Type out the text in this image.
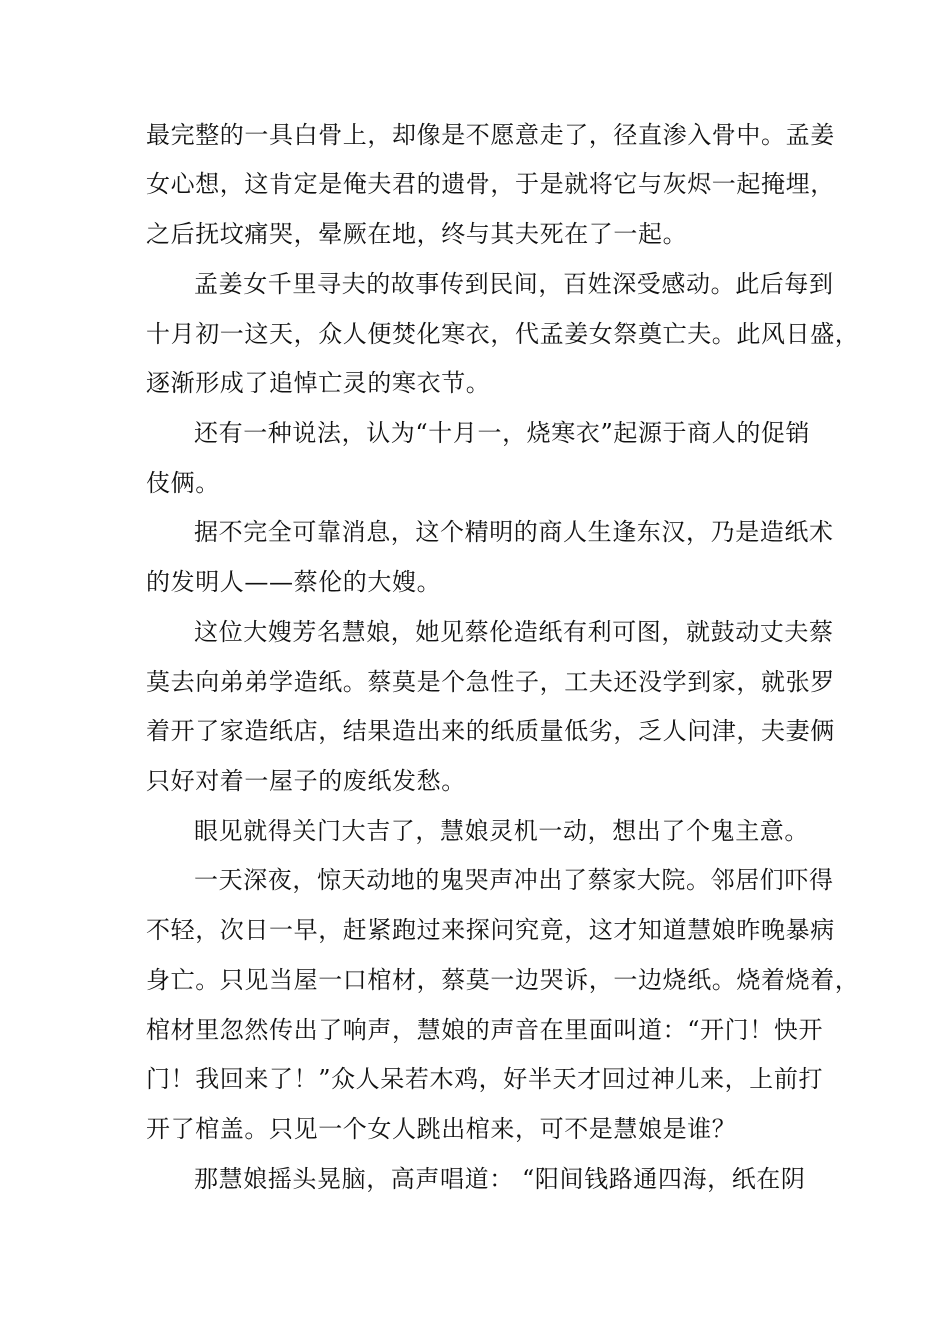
最完整的一具白骨上，却像是不愿意走了，径直渗入骨中。孟姜
女心想，这肯定是俺夫君的遗骨，于是就将它与灰烬一起掩埋，
之后抚坟痛哭，晕厥在地，终与其夫死在了一起。
孟姜女千里寻夫的故事传到民间，百姓深受感动。此后每到
十月初一这天，众人便焚化寒衣，代孟姜女祭奠亡夫。此风日盛，
逐渐形成了追悼亡灵的寒衣节。
还有一种说法，认为“十月一，烧寒衣”起源于商人的促销
伎俩。
据不完全可靠消息，这个精明的商人生逢东汉，乃是造纸术
的发明人——蔡伦的大嫂。
这位大嫂芳名慧娘，她见蔡伦造纸有利可图，就鼓动丈夫蔡
莫去向弟弟学造纸。蔡莫是个急性子，工夫还没学到家，就张罗
着开了家造纸店，结果造出来的纸质量低劣，乏人问津，夫妻俩
只好对着一屋子的废纸发愁。
眼见就得关门大吉了，慧娘灵机一动，想出了个鬼主意。
一天深夜，惊天动地的鬼哭声冲出了蔡家大院。邻居们吓得
不轻，次日一早，赶紧跑过来探问究竟，这才知道慧娘昨晚暴病
身亡。只见当屋一口棺材，蔡莫一边哭诉，一边烧纸。烧着烧着，
棺材里忽然传出了响声，慧娘的声音在里面叫道：“开门！快开
门！我回来了！”众人呆若木鸡，好半天才回过神儿来，上前打
开了棺盖。只见一个女人跳出棺来，可不是慧娘是谁？
那慧娘摇头晃脑，高声唱道： “阳间钱路通四海，纸在阴
